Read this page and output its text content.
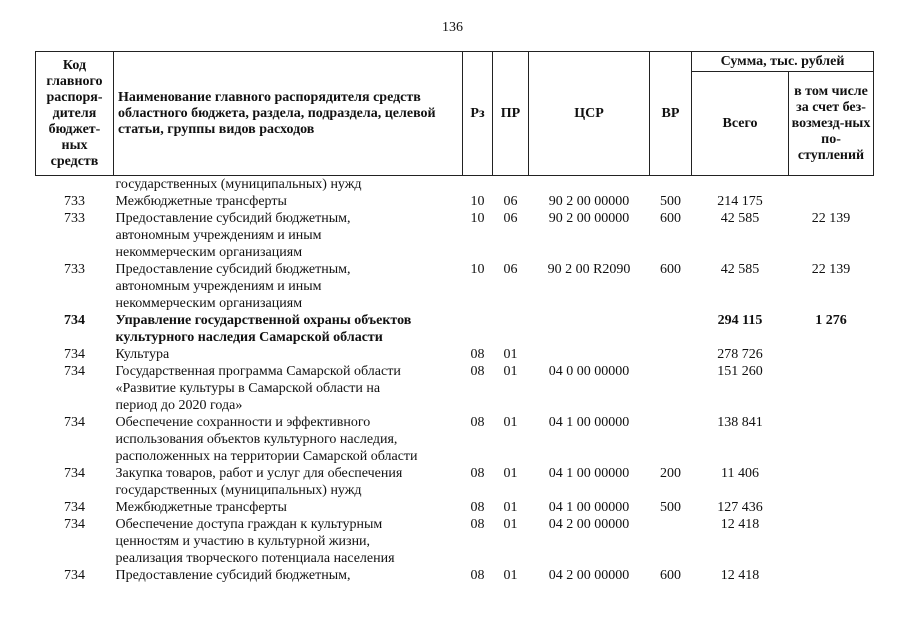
136
Код главного распоря-дителя бюджет-ных средств	Наименование главного распорядителя средств областного бюджета, раздела, подраздела, целевой статьи, группы видов расходов	Рз	ПР	ЦСР	ВР	Сумма, тыс. рублей	
						Всего	в том числе за счет без-возмезд-ных по-ступлений

	государственных (муниципальных) нужд						

733	Межбюджетные трансферты	10	06	90 2 00 00000	500	214 175	
733	Предоставление субсидий бюджетным,
автономным учреждениям и иным
некоммерческим организациям	10	06	90 2 00 00000	600	42 585	22 139
733	Предоставление субсидий бюджетным,
автономным учреждениям и иным
некоммерческим организациям	10	06	90 2 00 R2090	600	42 585	22 139
734	Управление государственной охраны объектов
культурного наследия Самарской области					294 115	1 276
734	Культура	08	01			278 726	
734	Государственная программа Самарской области
«Развитие культуры в Самарской области на
период до 2020 года»	08	01	04 0 00 00000		151 260	
734	Обеспечение сохранности и эффективного
использования объектов культурного наследия,
расположенных на территории Самарской области	08	01	04 1 00 00000		138 841	
734	Закупка товаров, работ и услуг для обеспечения
государственных (муниципальных) нужд	08	01	04 1 00 00000	200	11 406	
734	Межбюджетные трансферты	08	01	04 1 00 00000	500	127 436	
734	Обеспечение доступа граждан к культурным
ценностям и участию в культурной жизни,
реализация творческого потенциала населения	08	01	04 2 00 00000		12 418	
734	Предоставление субсидий бюджетным,	08	01	04 2 00 00000	600	12 418	
